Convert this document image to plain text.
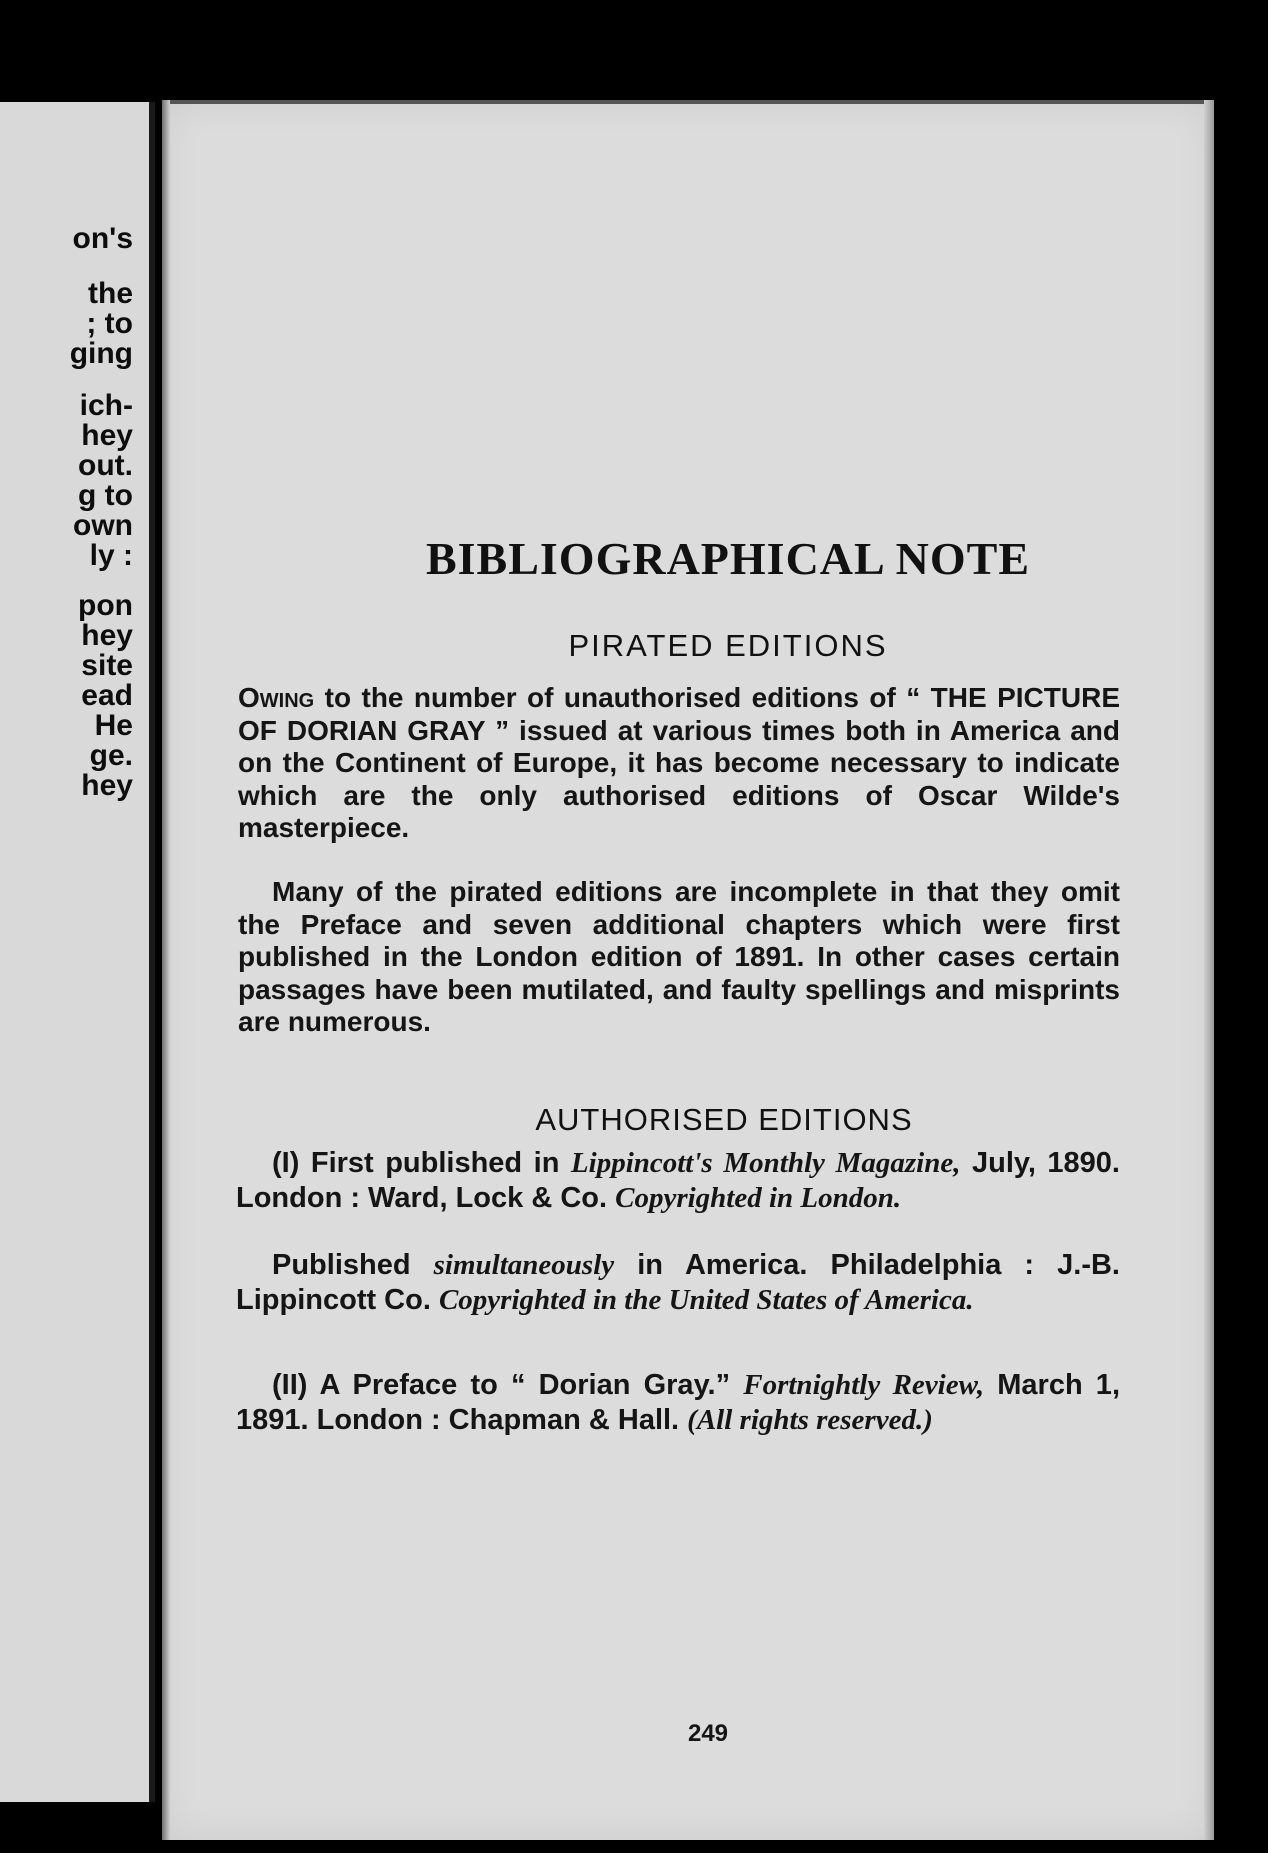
on's
the
; to
ging
ich-
hey
out.
g to
own
ly :
pon
hey
site
ead
He
ge.
hey
BIBLIOGRAPHICAL NOTE
PIRATED EDITIONS
Owing to the number of unauthorised editions of “ THE PICTURE OF DORIAN GRAY ” issued at various times both in America and on the Continent of Europe, it has become necessary to indicate which are the only authorised editions of Oscar Wilde's masterpiece.
Many of the pirated editions are incomplete in that they omit the Preface and seven additional chapters which were first published in the London edition of 1891. In other cases certain passages have been mutilated, and faulty spellings and misprints are numerous.
AUTHORISED EDITIONS
(I) First published in Lippincott's Monthly Magazine, July, 1890. London : Ward, Lock & Co. Copyrighted in London.
Published simultaneously in America. Philadelphia : J.-B. Lippincott Co. Copyrighted in the United States of America.
(II) A Preface to “ Dorian Gray.” Fortnightly Review, March 1, 1891. London : Chapman & Hall. (All rights reserved.)
249
